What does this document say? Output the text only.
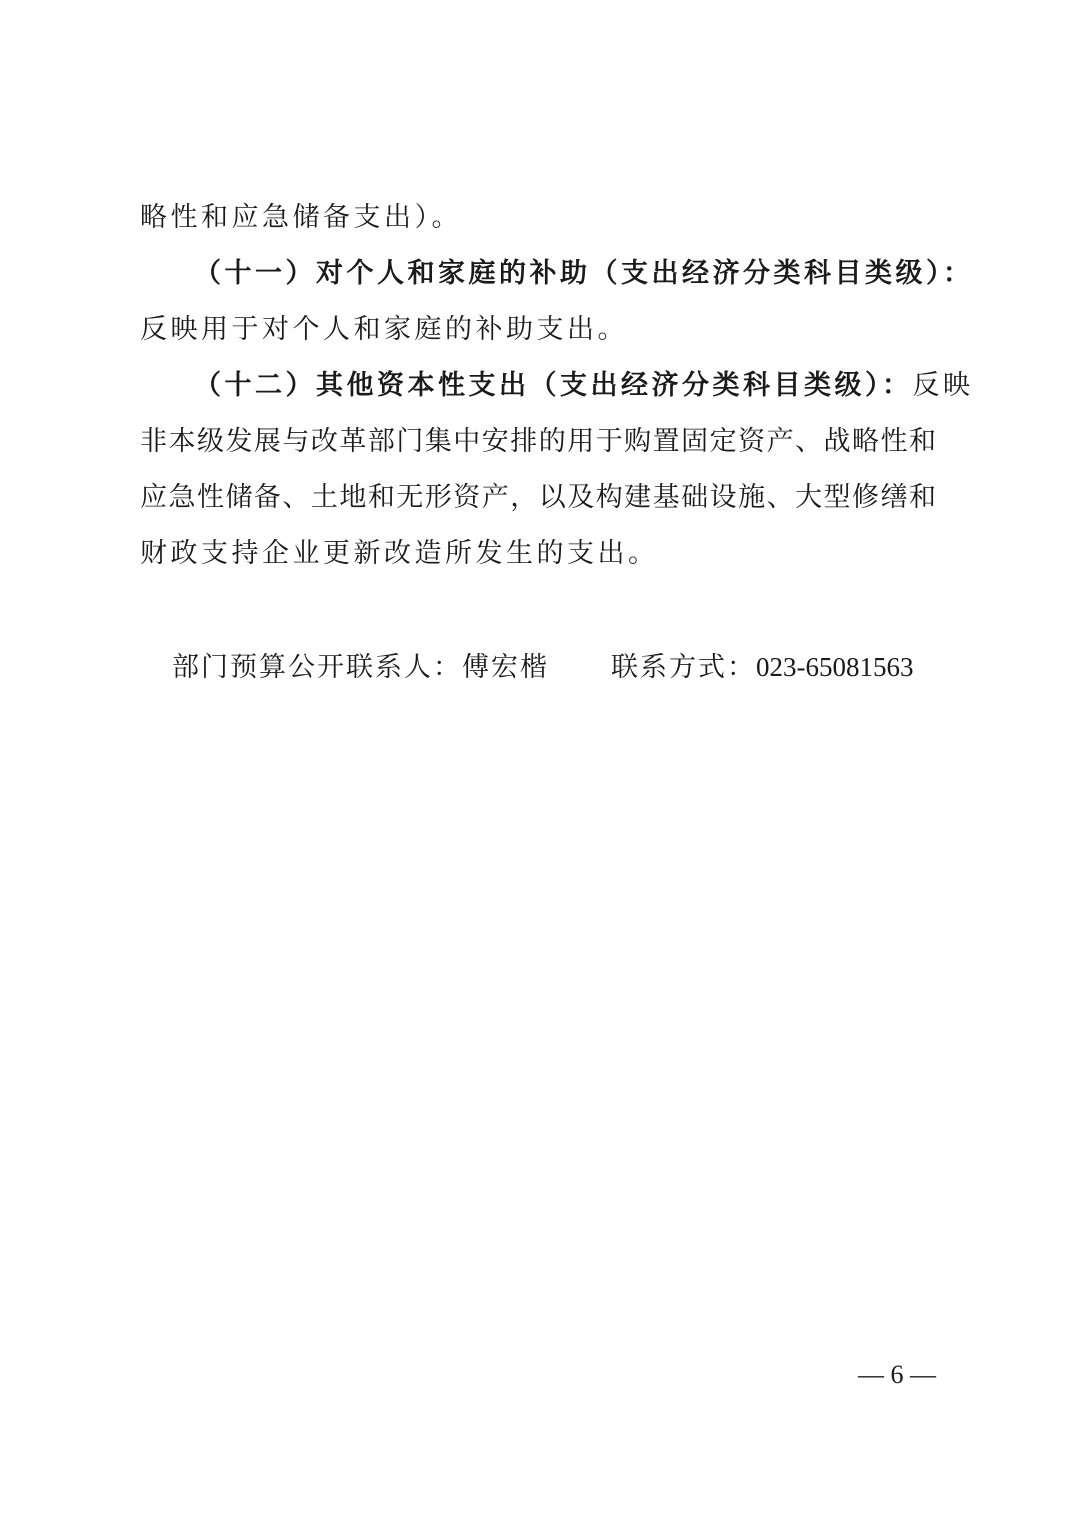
略性和应急储备支出）。
（十一）对个人和家庭的补助（支出经济分类科目类级）：
反映用于对个人和家庭的补助支出。
（十二）其他资本性支出（支出经济分类科目类级）：反映
非本级发展与改革部门集中安排的用于购置固定资产、战略性和
应急性储备、土地和无形资产，以及构建基础设施、大型修缮和
财政支持企业更新改造所发生的支出。
部门预算公开联系人：傅宏楷 联系方式：023-65081563
— 6 —
